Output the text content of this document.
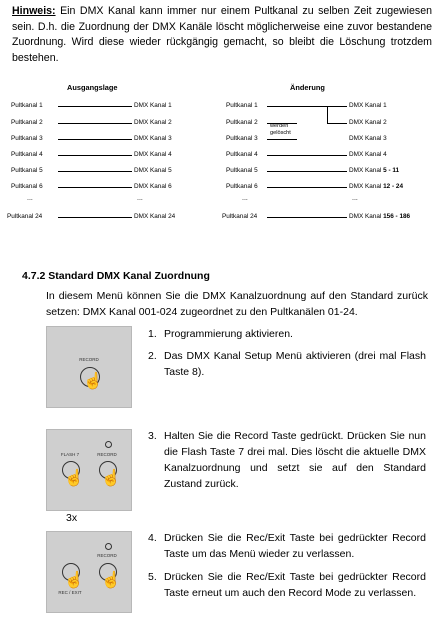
Hinweis: Ein DMX Kanal kann immer nur einem Pultkanal zu selben Zeit zugewiesen sein. D.h. die Zuordnung der DMX Kanäle löscht möglicherweise eine zuvor bestandene Zuordnung. Wird diese wieder rückgängig gemacht, so bleibt die Löschung trotzdem bestehen.
Ausgangslage
Pultkanal 1	DMX Kanal 1
Pultkanal 2	DMX Kanal 2
Pultkanal 3	DMX Kanal 3
Pultkanal 4	DMX Kanal 4
Pultkanal 5	DMX Kanal 5
Pultkanal 6	DMX Kanal 6
...	...
Pultkanal 24	DMX Kanal 24
Änderung
Pultkanal 1	DMX Kanal 1
Pultkanal 2	DMX Kanal 2
Pultkanal 3	DMX Kanal 3
werden
gelöscht
Pultkanal 4	DMX Kanal 4
Pultkanal 5	DMX Kanal 5 - 11
Pultkanal 6	DMX Kanal 12 - 24
...	...
Pultkanal 24	DMX Kanal 156 - 186
4.7.2 Standard DMX Kanal Zuordnung
In diesem Menü können Sie die DMX Kanalzuordnung auf den Standard zurück setzen: DMX Kanal 001-024 zugeordnet zu den Pultkanälen 01-24.
RECORD
☝
1. Programmierung aktivieren.
2. Das DMX Kanal Setup Menü aktivieren (drei mal Flash Taste 8).
FLASH 7	RECORD
☝ ☝
3x
3. Halten Sie die Record Taste gedrückt. Drücken Sie nun die Flash Taste 7 drei mal. Dies löscht die aktuelle DMX Kanalzuordnung und setzt sie auf den Standard Zustand zurück.
RECORD
☝ ☝
REC / EXIT
4. Drücken Sie die Rec/Exit Taste bei gedrückter Record Taste um das Menü wieder zu verlassen.
5. Drücken Sie die Rec/Exit Taste bei gedrückter Record Taste erneut um auch den Record Mode zu verlassen.
